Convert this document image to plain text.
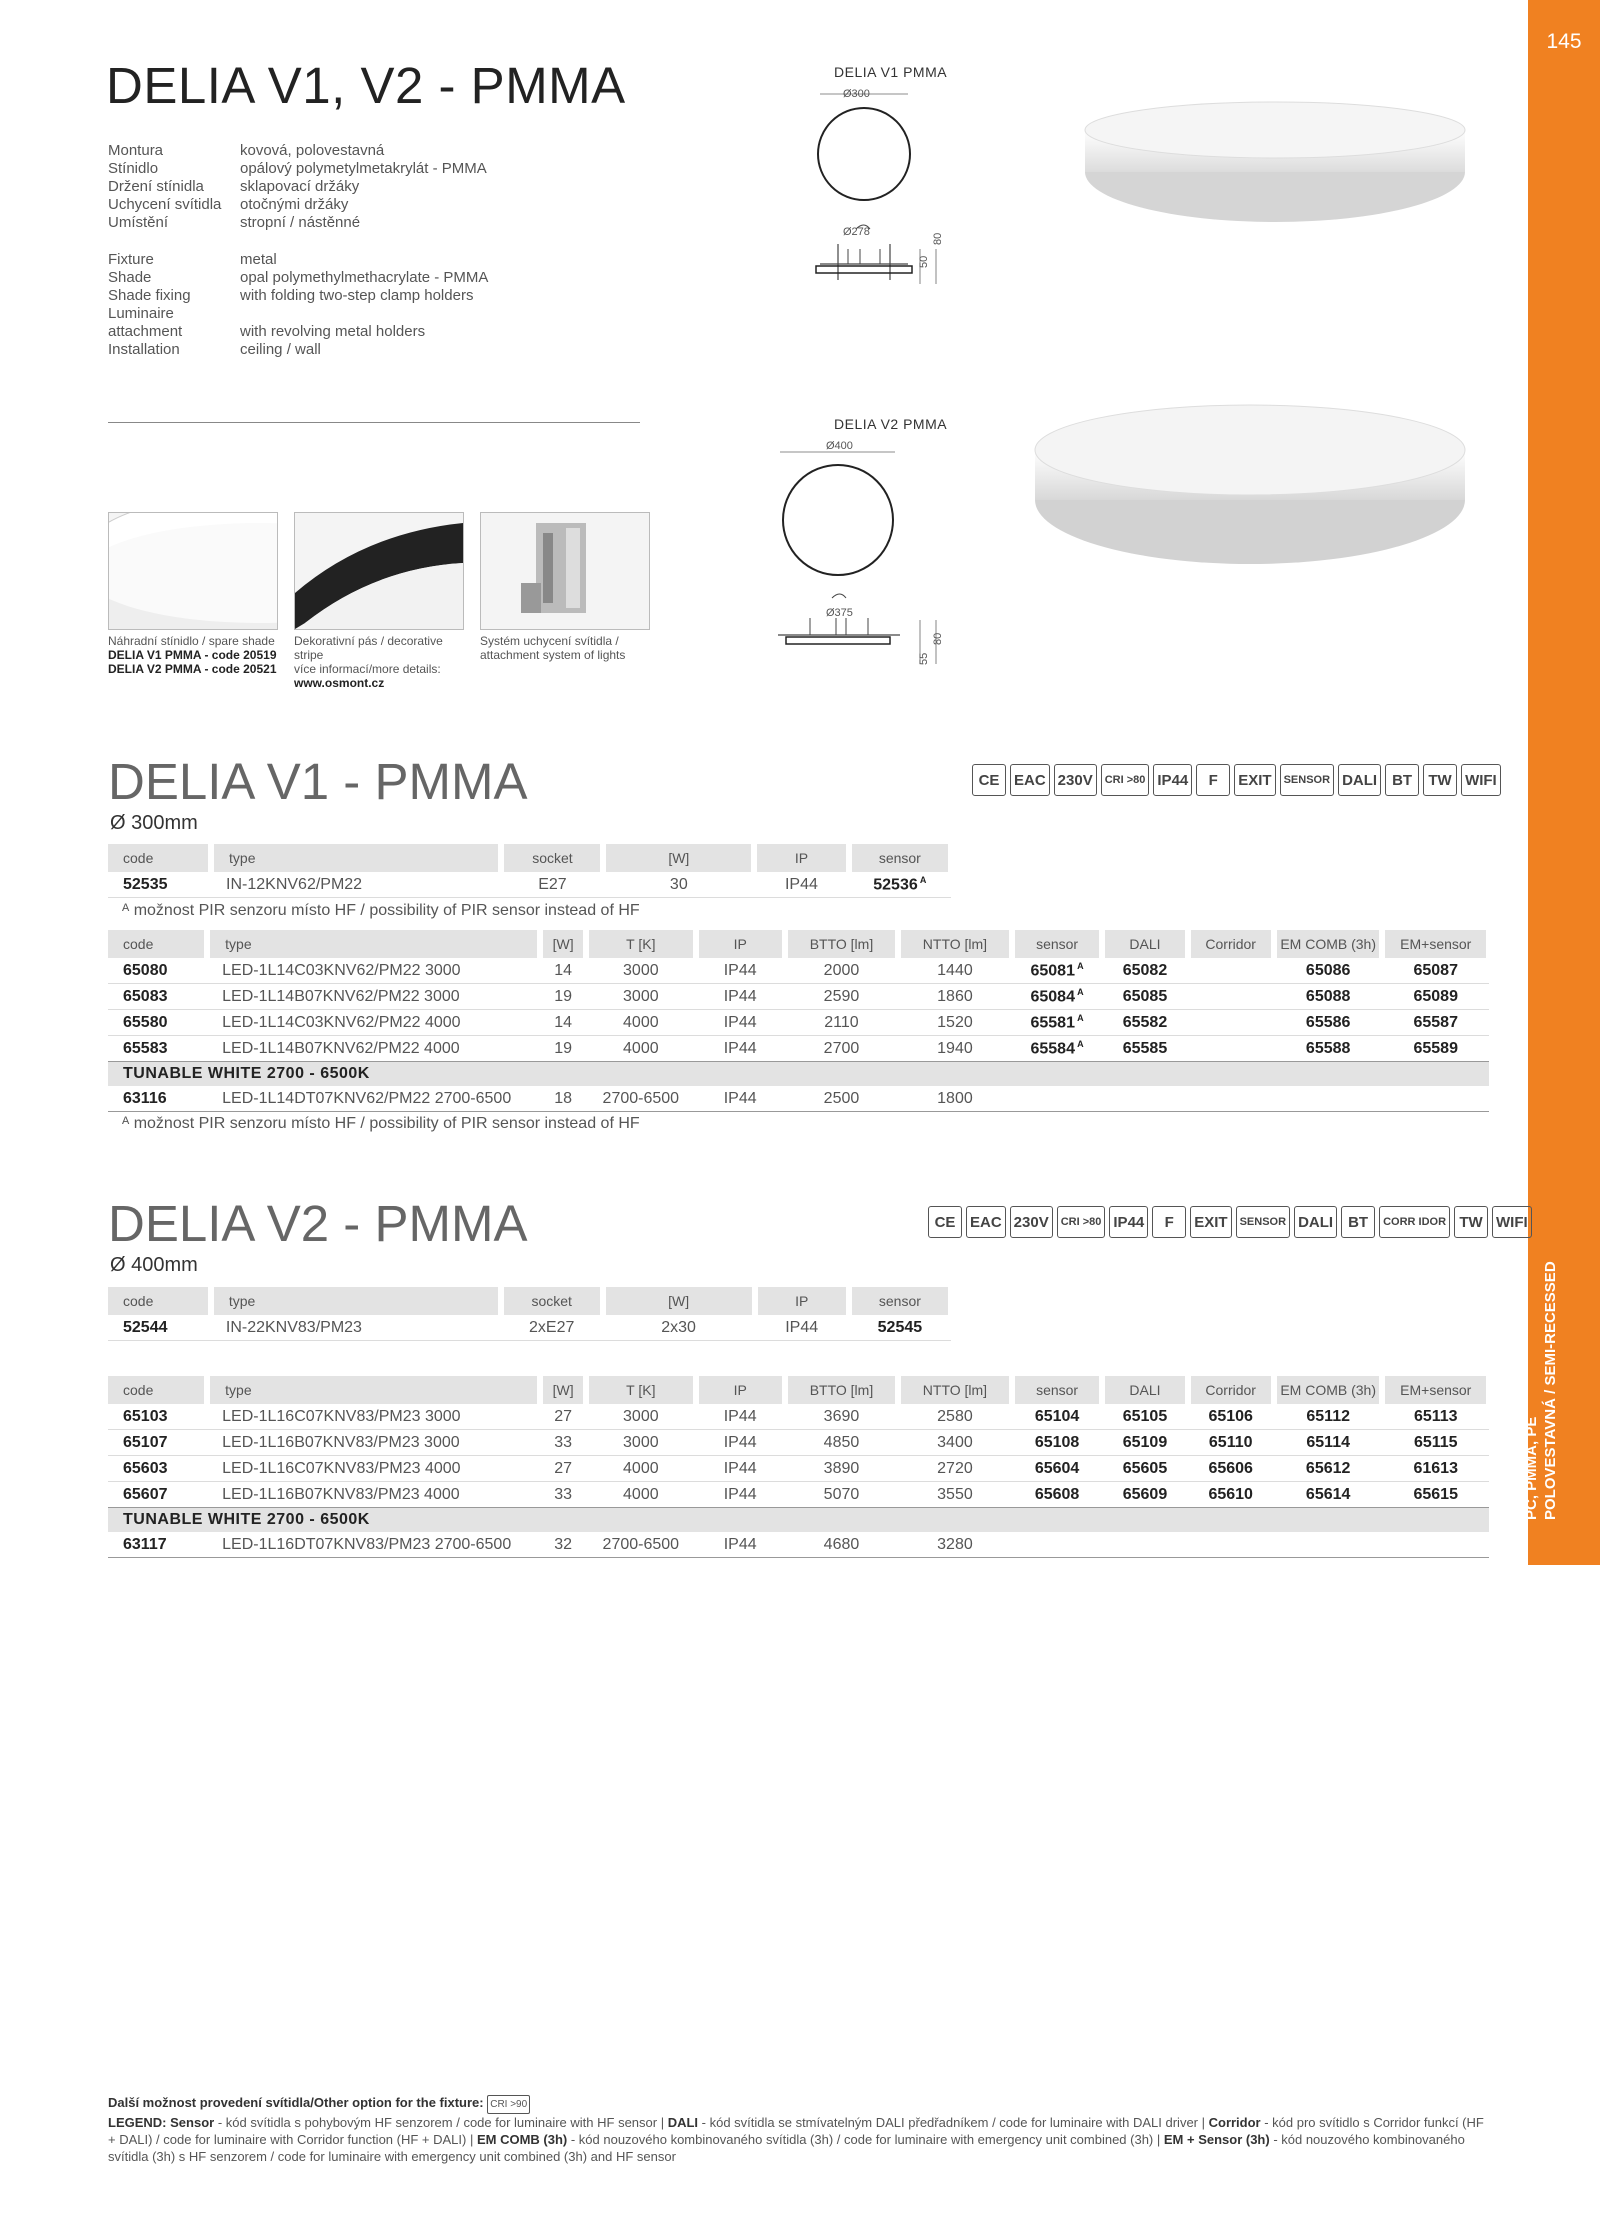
145
PC, PMMA, PE POLOVESTAVNÁ / SEMI-RECESSED
DELIA V1, V2 - PMMA
Montura	kovová, polovestavná
Stínidlo	opálový polymetylmetakrylát - PMMA
Držení stínidla	sklapovací držáky
Uchycení svítidla	otočnými držáky
Umístění	stropní / nástěnné
Fixture	metal
Shade	opal polymethylmethacrylate - PMMA
Shade fixing	with folding two-step clamp holders
Luminaire
attachment	with revolving metal holders
Installation	ceiling / wall
Náhradní stínidlo / spare shade
DELIA V1 PMMA - code 20519
DELIA V2 PMMA - code 20521
Dekorativní pás / decorative
stripe
více informací/more details:
www.osmont.cz
Systém uchycení svítidla /
attachment system of lights
DELIA V1 PMMA
Ø300
Ø278
50
80
DELIA V2 PMMA
Ø400
Ø375
55
80
DELIA V1 - PMMA
Ø 300mm
CE EAC 230V	CRI >80 IP44	F	EXIT	SENSOR DALI	BT	TW WIFI
code	type	socket	[W]	IP	sensor
52535	IN-12KNV62/PM22	E27	30	IP44	52536 $^A$
ᴬ možnost PIR senzoru místo HF / possibility of PIR sensor instead of HF
code	type	[W]	T [K]	IP	BTTO [lm]	NTTO [lm]	sensor	DALI	Corridor	EM COMB (3h)	EM+sensor
65080	LED-1L14C03KNV62/PM22 3000	14	3000	IP44	2000	1440	65081 $^A$	65082		65086	65087
65083	LED-1L14B07KNV62/PM22 3000	19	3000	IP44	2590	1860	65084 $^A$	65085		65088	65089
65580	LED-1L14C03KNV62/PM22 4000	14	4000	IP44	2110	1520	65581 $^A$	65582		65586	65587
65583	LED-1L14B07KNV62/PM22 4000	19	4000	IP44	2700	1940	65584 $^A$	65585		65588	65589
TUNABLE WHITE 2700 - 6500K											
63116	LED-1L14DT07KNV62/PM22 2700-6500	18	2700-6500	IP44	2500	1800					
ᴬ možnost PIR senzoru místo HF / possibility of PIR sensor instead of HF
DELIA V2 - PMMA
Ø 400mm
CE EAC 230V	CRI >80 IP44	F	EXIT	SENSOR DALI	BT	CORR IDOR TW WIFI
code	type	socket	[W]	IP	sensor
52544	IN-22KNV83/PM23	2xE27	2x30	IP44	52545
code	type	[W]	T [K]	IP	BTTO [lm]	NTTO [lm]	sensor	DALI	Corridor	EM COMB (3h)	EM+sensor
65103	LED-1L16C07KNV83/PM23 3000	27	3000	IP44	3690	2580	65104	65105	65106	65112	65113
65107	LED-1L16B07KNV83/PM23 3000	33	3000	IP44	4850	3400	65108	65109	65110	65114	65115
65603	LED-1L16C07KNV83/PM23 4000	27	4000	IP44	3890	2720	65604	65605	65606	65612	61613
65607	LED-1L16B07KNV83/PM23 4000	33	4000	IP44	5070	3550	65608	65609	65610	65614	65615
TUNABLE WHITE 2700 - 6500K											
63117	LED-1L16DT07KNV83/PM23 2700-6500	32	2700-6500	IP44	4680	3280					
Další možnost provedení svítidla/Other option for the fixture: CRI >90
LEGEND: Sensor - kód svítidla s pohybovým HF senzorem / code for luminaire with HF sensor | DALI - kód svítidla se stmívatelným DALI předřadníkem / code for luminaire with DALI driver | Corridor - kód pro svítidlo s Corridor funkcí (HF + DALI) / code for luminaire with Corridor function (HF + DALI) | EM COMB (3h) - kód nouzového kombinovaného svítidla (3h) / code for luminaire with emergency unit combined (3h) | EM + Sensor (3h) - kód nouzového kombinovaného svítidla (3h) s HF senzorem / code for luminaire with emergency unit combined (3h) and HF sensor
